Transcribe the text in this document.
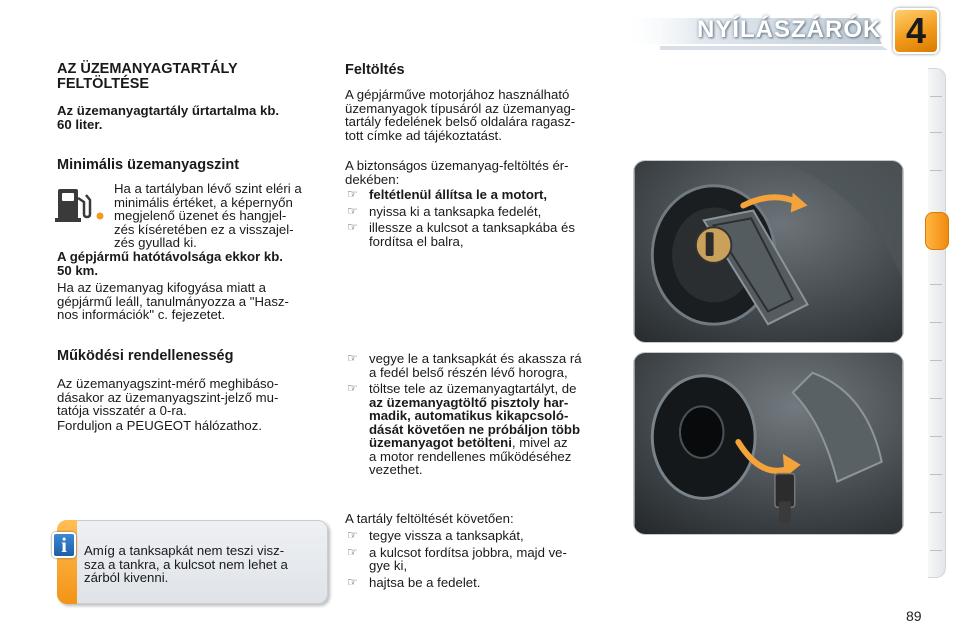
NYÍLÁSZÁRÓK 4
AZ ÜZEMANYAGTARTÁLY
FELTÖLTÉSE
Az üzemanyagtartály űrtartalma kb.
60 liter.
Minimális üzemanyagszint
Ha a tartályban lévő szint eléri a
minimális értéket, a képernyőn
megjelenő üzenet és hangjel-
zés kíséretében ez a visszajel-
zés gyullad ki.
A gépjármű hatótávolsága ekkor kb.
50 km.
Ha az üzemanyag kifogyása miatt a
gépjármű leáll, tanulmányozza a "Hasz-
nos információk" c. fejezetet.
Működési rendellenesség
Az üzemanyagszint-mérő meghibáso-
dásakor az üzemanyagszint-jelző mu-
tatója visszatér a 0-ra.
Forduljon a PEUGEOT hálózathoz.
i	Amíg a tanksapkát nem teszi visz-
sza a tankra, a kulcsot nem lehet a
zárból kivenni.
Feltöltés
A gépjárműve motorjához használható
üzemanyagok típusáról az üzemanyag-
tartály fedelének belső oldalára ragasz-
tott címke ad tájékoztatást.
A biztonságos üzemanyag-feltöltés ér-
dekében:
☞ feltétlenül állítsa le a motort,
☞ nyissa ki a tanksapka fedelét,
☞ illessze a kulcsot a tanksapkába és
fordítsa el balra,
☞ vegye le a tanksapkát és akassza rá
a fedél belső részén lévő horogra,
☞ töltse tele az üzemanyagtartályt, de
az üzemanyagtöltő pisztoly har-
madik, automatikus kikapcsoló-
dását követően ne próbáljon több
üzemanyagot betölteni, mivel az
a motor rendellenes működéséhez
vezethet.
A tartály feltöltését követően:
☞ tegye vissza a tanksapkát,
☞ a kulcsot fordítsa jobbra, majd ve-
gye ki,
☞ hajtsa be a fedelet.
89
